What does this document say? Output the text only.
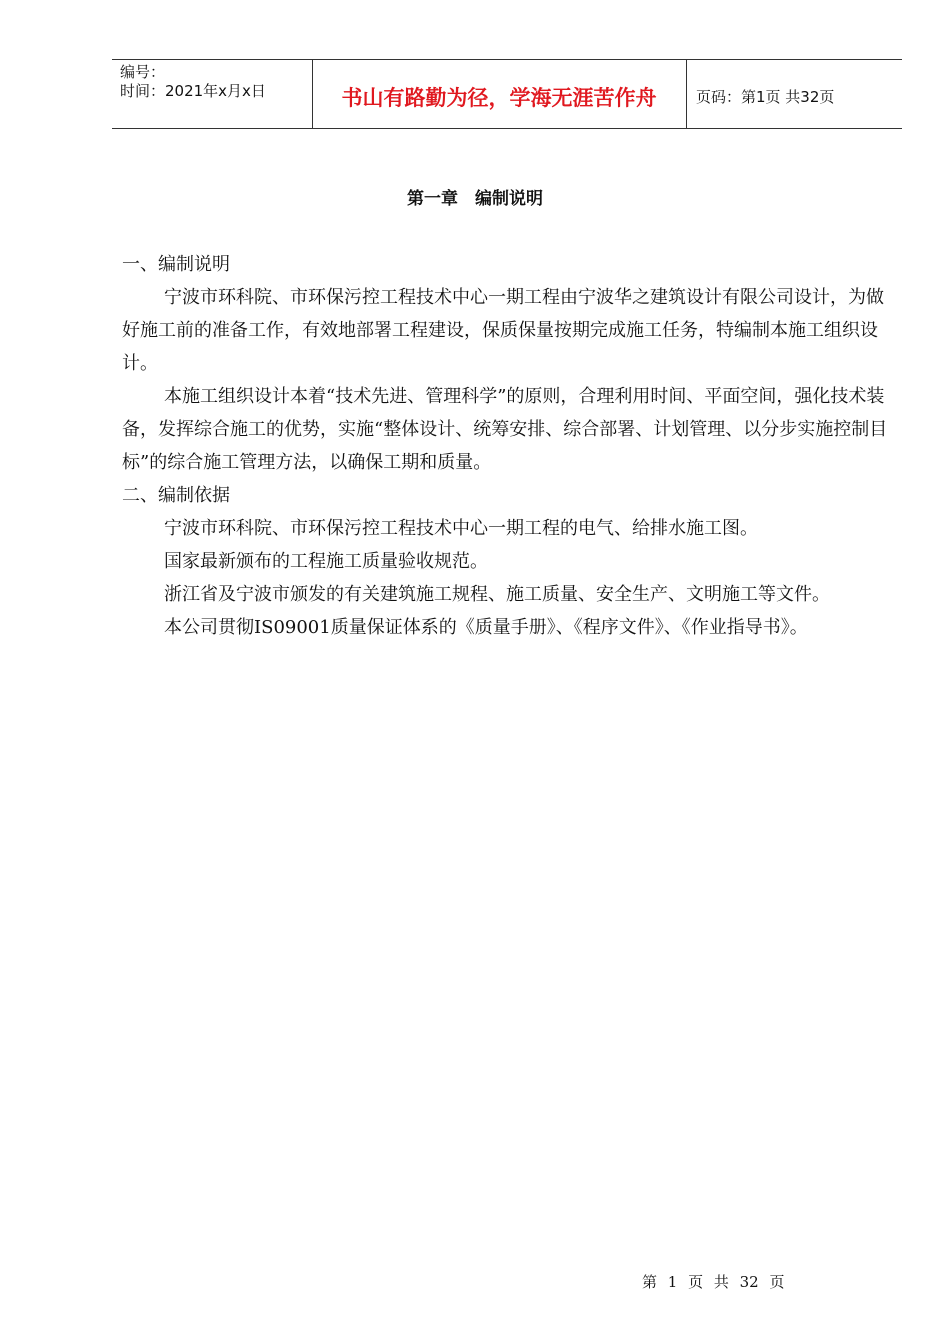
编号：
时间：2021年x月x日	书山有路勤为径，学海无涯苦作舟	页码：第1页 共32页
第一章　编制说明

一、编制说明

宁波市环科院、市环保污控工程技术中心一期工程由宁波华之建筑设计有限公司设计，为做好施工前的准备工作，有效地部署工程建设，保质保量按期完成施工任务，特编制本施工组织设计。

本施工组织设计本着“技术先进、管理科学”的原则，合理利用时间、平面空间，强化技术装备，发挥综合施工的优势，实施“整体设计、统筹安排、综合部署、计划管理、以分步实施控制目标”的综合施工管理方法，以确保工期和质量。

二、编制依据

宁波市环科院、市环保污控工程技术中心一期工程的电气、给排水施工图。

国家最新颁布的工程施工质量验收规范。

浙江省及宁波市颁发的有关建筑施工规程、施工质量、安全生产、文明施工等文件。

本公司贯彻IS09001质量保证体系的《质量手册》、《程序文件》、《作业指导书》。

第 1 页 共 32 页
